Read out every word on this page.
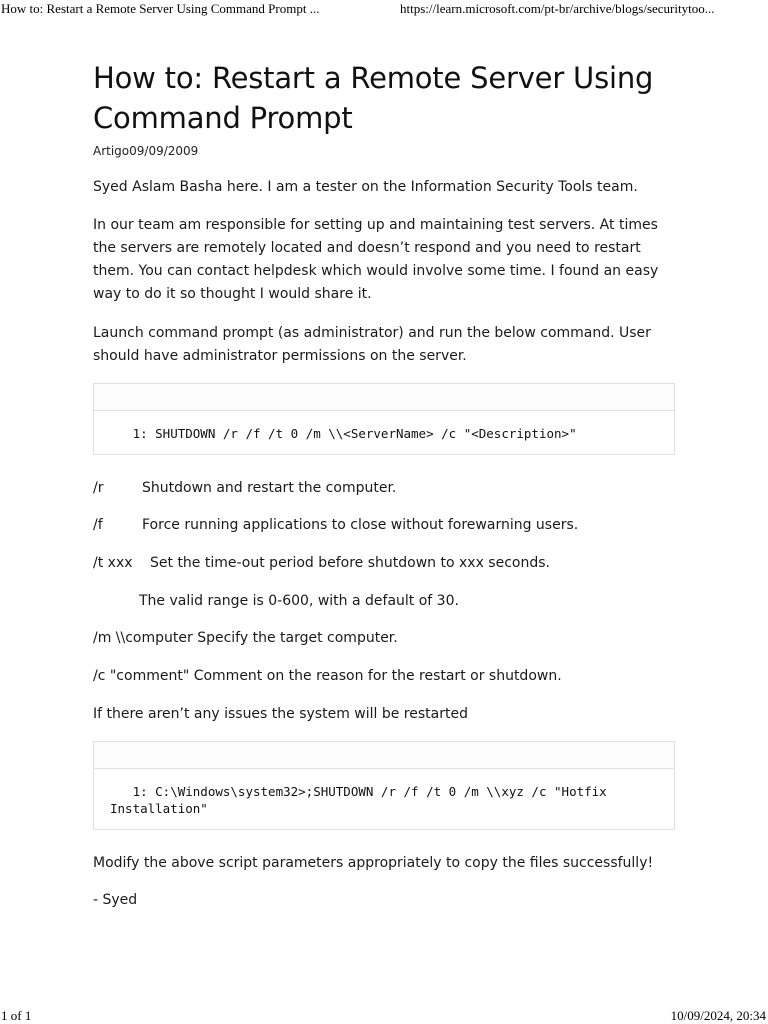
How to: Restart a Remote Server Using Command Prompt ...	https://learn.microsoft.com/pt-br/archive/blogs/securitytoo...
How to: Restart a Remote Server Using Command Prompt
Artigo09/09/2009

Syed Aslam Basha here. I am a tester on the Information Security Tools team.

In our team am responsible for setting up and maintaining test servers. At times the servers are remotely located and doesn’t respond and you need to restart them. You can contact helpdesk which would involve some time. I found an easy way to do it so thought I would share it.

Launch command prompt (as administrator) and run the below command. User should have administrator permissions on the server.

1: SHUTDOWN /r /f /t 0 /m \\<ServerName> /c "<Description>"
/r	Shutdown and restart the computer.
/f	Force running applications to close without forewarning users.
/t xxx Set the time-out period before shutdown to xxx seconds.

The valid range is 0-600, with a default of 30.

/m \\computer Specify the target computer.

/c "comment" Comment on the reason for the restart or shutdown.

If there aren’t any issues the system will be restarted

1: C:\Windows\system32>;SHUTDOWN /r /f /t 0 /m \\xyz /c "Hotfix Installation"

Modify the above script parameters appropriately to copy the files successfully!

- Syed

1 of 1	10/09/2024, 20:34
